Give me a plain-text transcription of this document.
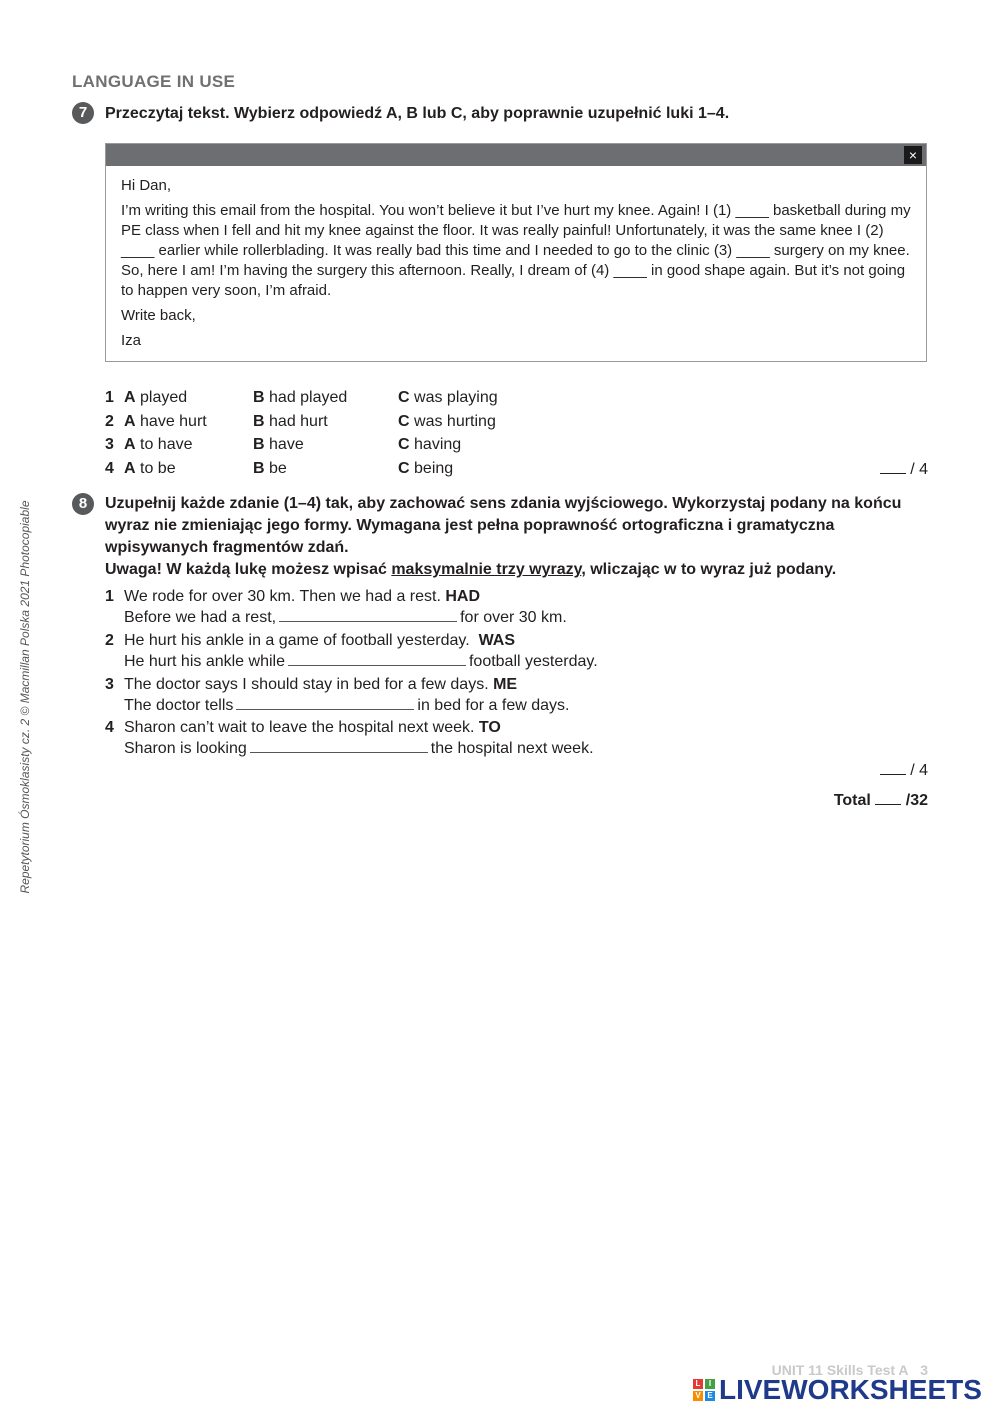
LANGUAGE IN USE
7	Przeczytaj tekst. Wybierz odpowiedź A, B lub C, aby poprawnie uzupełnić luki 1–4.
×

Hi Dan,

I’m writing this email from the hospital. You won’t believe it but I’ve hurt my knee. Again! I (1) ____ basketball during my PE class when I fell and hit my knee against the floor. It was really painful! Unfortunately, it was the same knee I (2) ____ earlier while rollerblading. It was really bad this time and I needed to go to the clinic (3) ____ surgery on my knee. So, here I am! I’m having the surgery this afternoon. Really, I dream of (4) ____ in good shape again. But it’s not going to happen very soon, I’m afraid.

Write back,

Iza

1 A played	B had played	C was playing
2 A have hurt	B had hurt	C was hurting
3 A to have	B have	C having
4 A to be	B be	C being	/ 4
8	Uzupełnij każde zdanie (1–4) tak, aby zachować sens zdania wyjściowego. Wykorzystaj podany na końcu wyraz nie zmieniając jego formy. Wymagana jest pełna poprawność ortograficzna i gramatyczna wpisywanych fragmentów zdań.
Uwaga! W każdą lukę możesz wpisać maksymalnie trzy wyrazy, wliczając w to wyraz już podany.
1 We rode for over 30 km. Then we had a rest. HAD
Before we had a rest,	for over 30 km.
2 He hurt his ankle in a game of football yesterday. WAS
He hurt his ankle while	football yesterday.
3 The doctor says I should stay in bed for a few days. ME
The doctor tells	in bed for a few days.
4 Sharon can’t wait to leave the hospital next week. TO
Sharon is looking	the hospital next week.
/ 4
Total /32
Repetytorium Ósmoklasisty cz. 2 © Macmillan Polska 2021 Photocopiable
UNIT 11 Skills Test A 3
L	I
V E LIVEWORKSHEETS
